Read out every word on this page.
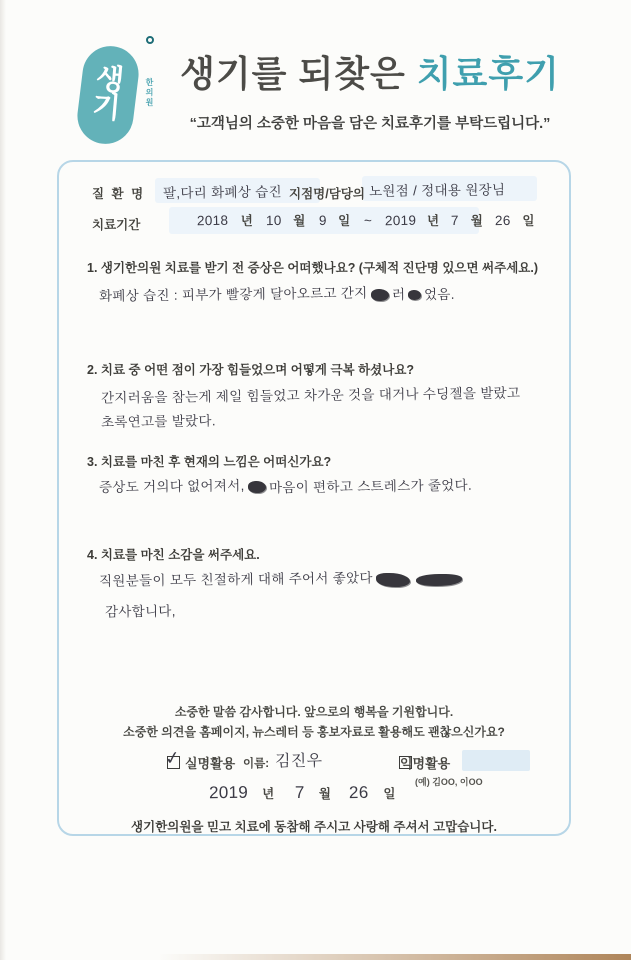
생
기	한의원 생기를 되찾은 치료후기
“고객님의 소중한 마음을 담은 치료후기를 부탁드립니다.”
질 환 명 팔,다리 화폐상 습진 지점명/담당의 노원점 / 정대용 원장님
치료기간	2018 년 10 월 9 일 ~ 2019 년 7 월 26 일
1. 생기한의원 치료를 받기 전 증상은 어떠했나요? (구체적 진단명 있으면 써주세요.)
화폐상 습진 : 피부가 빨갛게 달아오르고 간지 러 었음.
2. 치료 중 어떤 점이 가장 힘들었으며 어떻게 극복 하셨나요?
간지러움을 참는게 제일 힘들었고 차가운 것을 대거나 수딩젤을 발랐고
초록연고를 발랐다.
3. 치료를 마친 후 현재의 느낌은 어떠신가요?
증상도 거의다 없어져서, 마음이 편하고 스트레스가 줄었다.
4. 치료를 마친 소감을 써주세요.
직원분들이 모두 친절하게 대해 주어서 좋았다
감사합니다,
소중한 말씀 감사합니다. 앞으로의 행복을 기원합니다.
소중한 의견을 홈페이지, 뉴스레터 등 홍보자료로 활용해도 괜찮으신가요?
✓
실명활용 이름: 김진우	익명활용
(예) 김OO, 이OO
2019 년 7 월 26 일
생기한의원을 믿고 치료에 동참해 주시고 사랑해 주셔서 고맙습니다.
